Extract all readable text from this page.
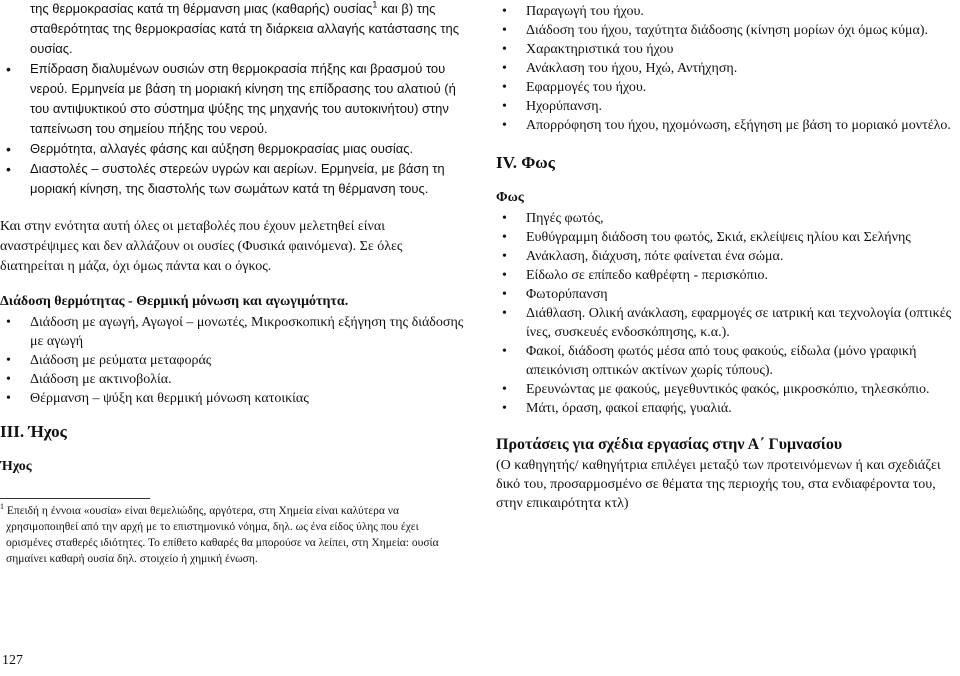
της θερμοκρασίας κατά τη θέρμανση μιας (καθαρής) ουσίας$^1$ και β) της σταθερότητας της θερμοκρασίας κατά τη διάρκεια αλλαγής κατάστασης της ουσίας.
• Επίδραση διαλυμένων ουσιών στη θερμοκρασία πήξης και βρασμού του νερού. Ερμηνεία με βάση τη μοριακή κίνηση της επίδρασης του αλατιού (ή του αντιψυκτικού στο σύστημα ψύξης της μηχανής του αυτοκινήτου) στην ταπείνωση του σημείου πήξης του νερού.
• Θερμότητα, αλλαγές φάσης και αύξηση θερμοκρασίας μιας ουσίας.
• Διαστολές – συστολές στερεών υγρών και αερίων. Ερμηνεία, με βάση τη μοριακή κίνηση, της διαστολής των σωμάτων κατά τη θέρμανση τους.

Και στην ενότητα αυτή όλες οι μεταβολές που έχουν μελετηθεί είναι αναστρέψιμες και δεν αλλάζουν οι ουσίες (Φυσικά φαινόμενα). Σε όλες διατηρείται η μάζα, όχι όμως πάντα και ο όγκος.

Διάδοση θερμότητας - Θερμική μόνωση και αγωγιμότητα.

• Διάδοση με αγωγή, Αγωγοί – μονωτές, Μικροσκοπική εξήγηση της διάδοσης με αγωγή
• Διάδοση με ρεύματα μεταφοράς
• Διάδοση με ακτινοβολία.
• Θέρμανση – ψύξη και θερμική μόνωση κατοικίας

III. Ήχος

Ήχος

$^1$ Επειδή η έννοια «ουσία» είναι θεμελιώδης, αργότερα, στη Χημεία είναι καλύτερα να χρησιμοποιηθεί από την αρχή με το επιστημονικό νόημα, δηλ. ως ένα είδος ύλης που έχει ορισμένες σταθερές ιδιότητες. Το επίθετο καθαρές θα μπορούσε να λείπει, στη Χημεία: ουσία σημαίνει καθαρή ουσία δηλ. στοιχείο ή χημική ένωση.

127
• Παραγωγή του ήχου.
• Διάδοση του ήχου, ταχύτητα διάδοσης (κίνηση μορίων όχι όμως κύμα).
• Χαρακτηριστικά του ήχου
• Ανάκλαση του ήχου, Ηχώ, Αντήχηση.
• Εφαρμογές του ήχου.
• Ηχορύπανση.
• Απορρόφηση του ήχου, ηχομόνωση, εξήγηση με βάση το μοριακό μοντέλο.

IV. Φως

Φως

• Πηγές φωτός,
• Ευθύγραμμη διάδοση του φωτός, Σκιά, εκλείψεις ηλίου και Σελήνης
• Ανάκλαση, διάχυση, πότε φαίνεται ένα σώμα.
• Είδωλο σε επίπεδο καθρέφτη - περισκόπιο.
• Φωτορύπανση
• Διάθλαση. Ολική ανάκλαση, εφαρμογές σε ιατρική και τεχνολογία (οπτικές ίνες, συσκευές ενδοσκόπησης, κ.α.).
• Φακοί, διάδοση φωτός μέσα από τους φακούς, είδωλα (μόνο γραφική απεικόνιση οπτικών ακτίνων χωρίς τύπους).
• Ερευνώντας με φακούς, μεγεθυντικός φακός, μικροσκόπιο, τηλεσκόπιο.
• Μάτι, όραση, φακοί επαφής, γυαλιά.

Προτάσεις για σχέδια εργασίας στην Α΄ Γυμνασίου

(Ο καθηγητής/ καθηγήτρια επιλέγει μεταξύ των προτεινόμενων ή και σχεδιάζει δικό του, προσαρμοσμένο σε θέματα της περιοχής του, στα ενδιαφέροντα του, στην επικαιρότητα κτλ)
